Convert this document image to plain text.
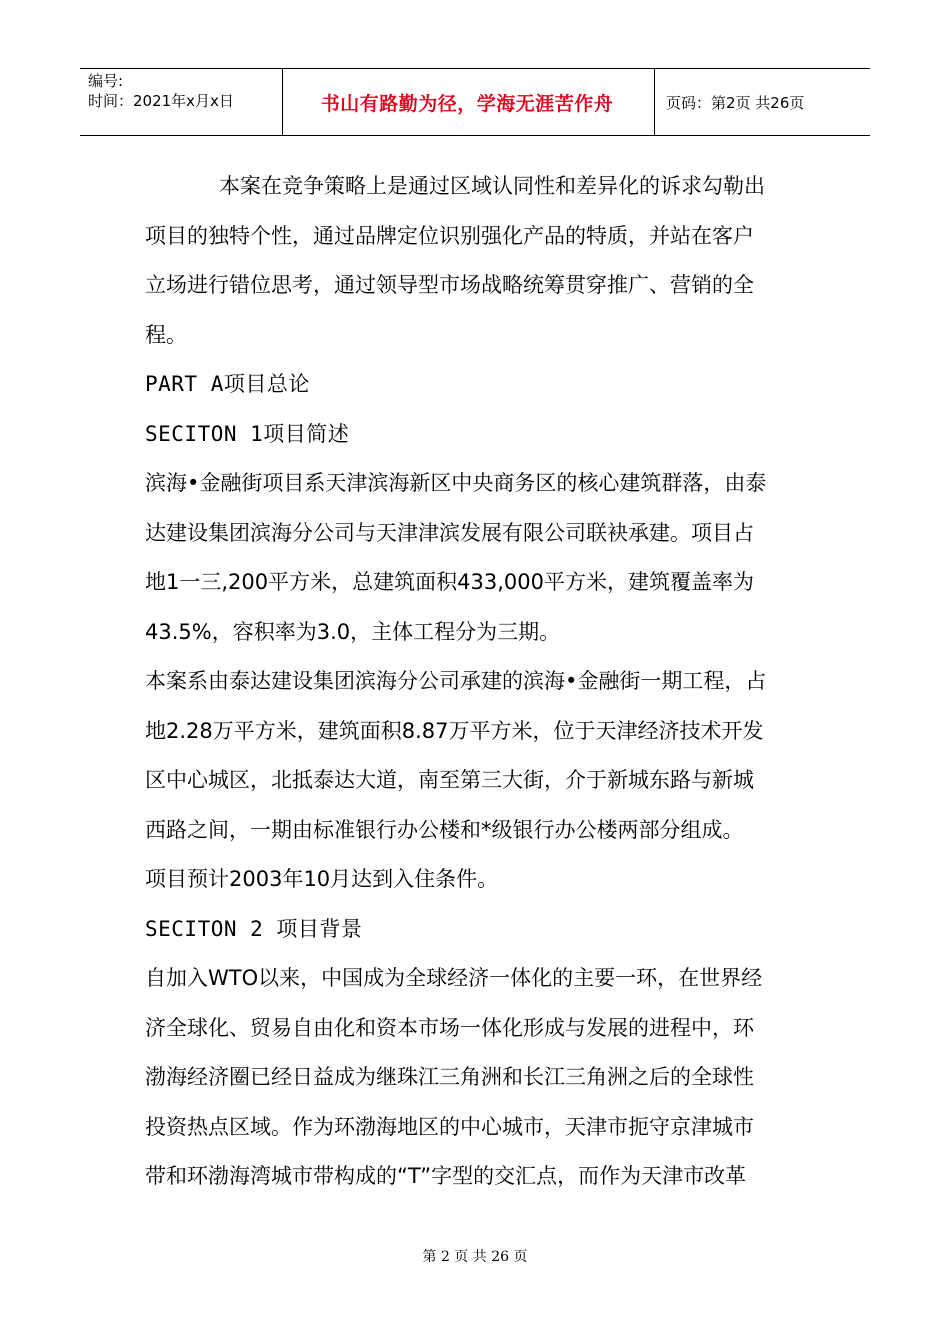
编号:
时间：2021年x月x日	书山有路勤为径，学海无涯苦作舟	页码：第2页 共26页

本案在竞争策略上是通过区域认同性和差异化的诉求勾勒出

项目的独特个性，通过品牌定位识别强化产品的特质，并站在客户

立场进行错位思考，通过领导型市场战略统筹贯穿推广、营销的全

程。

PART A项目总论

SECITON 1项目简述

滨海•金融街项目系天津滨海新区中央商务区的核心建筑群落，由泰

达建设集团滨海分公司与天津津滨发展有限公司联袂承建。项目占

地1一三,200平方米，总建筑面积433,000平方米，建筑覆盖率为

43.5%，容积率为3.0，主体工程分为三期。

本案系由泰达建设集团滨海分公司承建的滨海•金融街一期工程，占

地2.28万平方米，建筑面积8.87万平方米，位于天津经济技术开发

区中心城区，北抵泰达大道，南至第三大街，介于新城东路与新城

西路之间，一期由标准银行办公楼和*级银行办公楼两部分组成。

项目预计2003年10月达到入住条件。

SECITON 2 项目背景

自加入WTO以来，中国成为全球经济一体化的主要一环，在世界经

济全球化、贸易自由化和资本市场一体化形成与发展的进程中，环

渤海经济圈已经日益成为继珠江三角洲和长江三角洲之后的全球性

投资热点区域。作为环渤海地区的中心城市，天津市扼守京津城市

带和环渤海湾城市带构成的“T”字型的交汇点，而作为天津市改革

第 2 页 共 26 页
